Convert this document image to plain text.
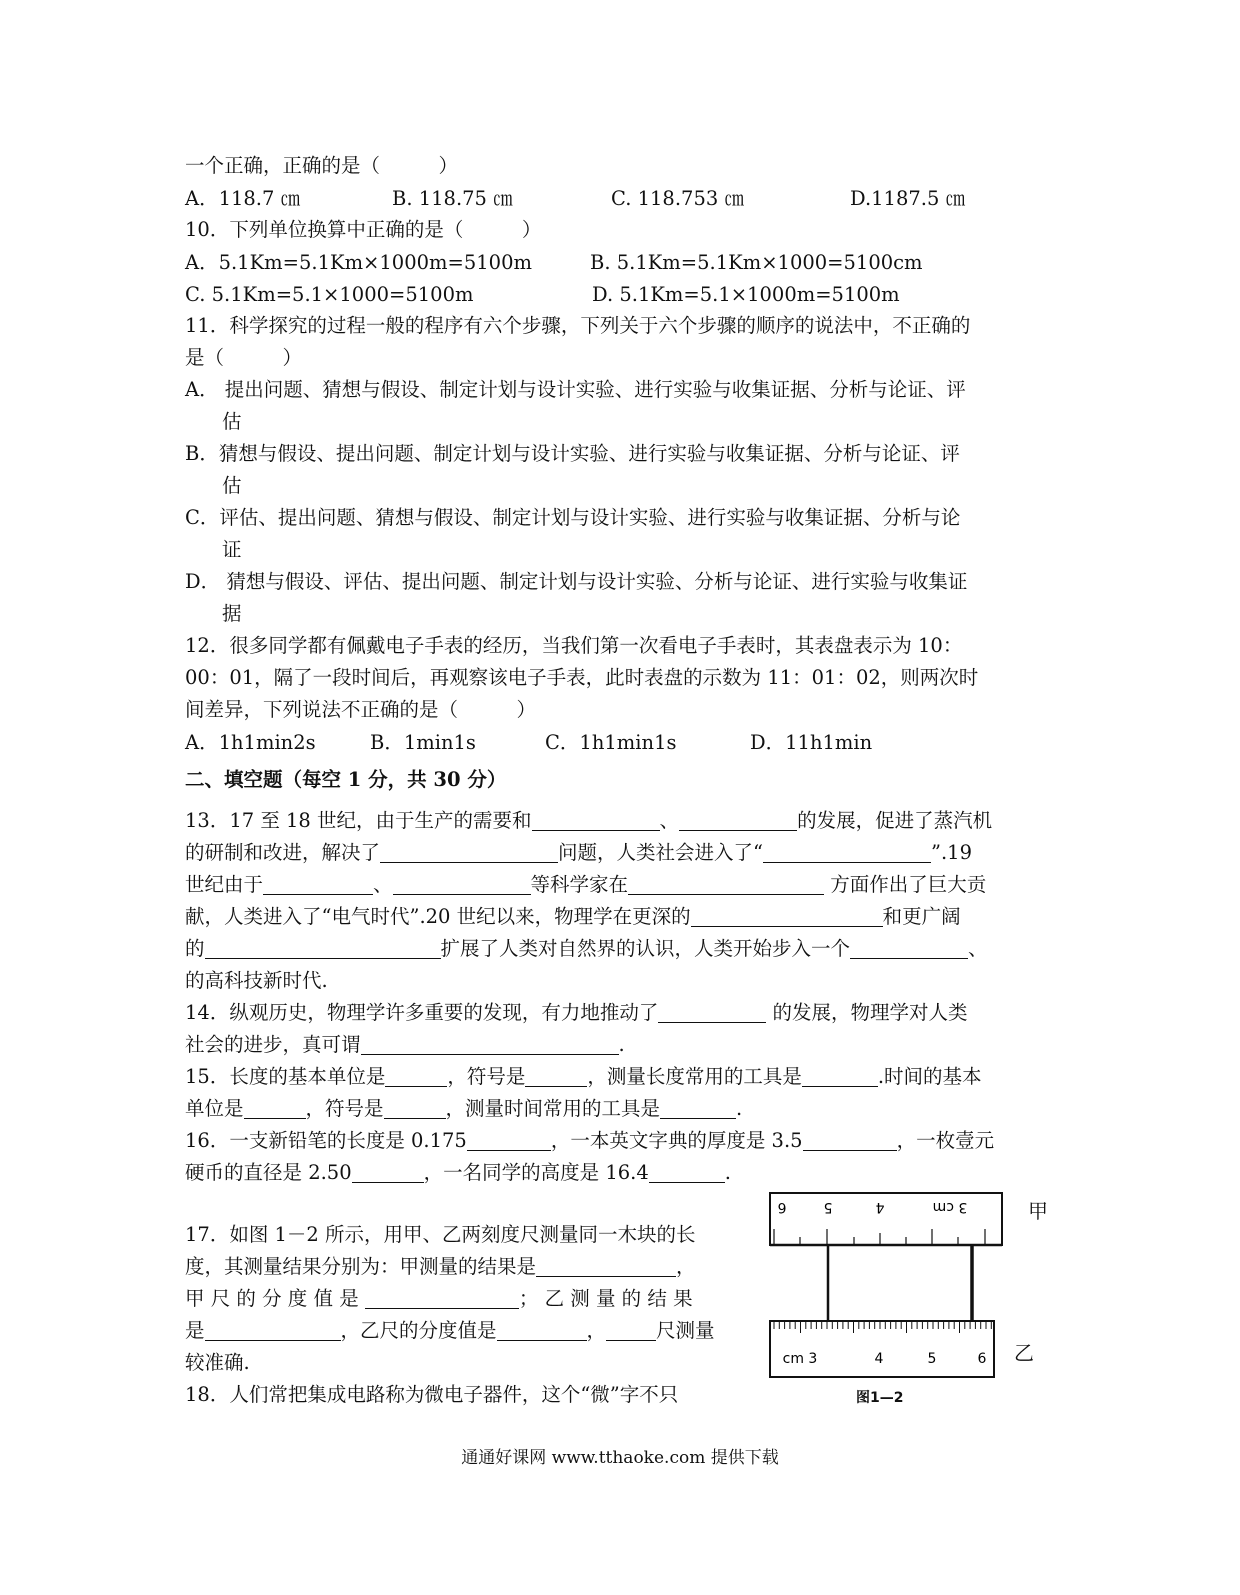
一个正确，正确的是（　　　）
A．118.7 ㎝	B. 118.75 ㎝	C. 118.753 ㎝	D.1187.5 ㎝
10．下列单位换算中正确的是（　　　）
A．5.1Km=5.1Km×1000m=5100m	B. 5.1Km=5.1Km×1000=5100cm
C. 5.1Km=5.1×1000=5100m	D. 5.1Km=5.1×1000m=5100m
11．科学探究的过程一般的程序有六个步骤，下列关于六个步骤的顺序的说法中，不正确的
是（　　　）
A． 提出问题、猜想与假设、制定计划与设计实验、进行实验与收集证据、分析与论证、评
估
B．猜想与假设、提出问题、制定计划与设计实验、进行实验与收集证据、分析与论证、评
估
C．评估、提出问题、猜想与假设、制定计划与设计实验、进行实验与收集证据、分析与论
证
D． 猜想与假设、评估、提出问题、制定计划与设计实验、分析与论证、进行实验与收集证
据
12．很多同学都有佩戴电子手表的经历，当我们第一次看电子手表时，其表盘表示为 10：
00：01，隔了一段时间后，再观察该电子手表，此时表盘的示数为 11：01：02，则两次时
间差异，下列说法不正确的是（　　　）
A．1h1min2s	B．1min1s	C．1h1min1s	D．11h1min
二、填空题（每空 1 分，共 30 分）
13．17 至 18 世纪，由于生产的需要和	、	的发展，促进了蒸汽机
的研制和改进，解决了	问题，人类社会进入了“	”.19
世纪由于	、	等科学家在	方面作出了巨大贡
献，人类进入了“电气时代”.20 世纪以来，物理学在更深的	和更广阔
的	扩展了人类对自然界的认识，人类开始步入一个	、
的高科技新时代.
14．纵观历史，物理学许多重要的发现，有力地推动了	的发展，物理学对人类
社会的进步，真可谓	.
15．长度的基本单位是	，符号是	，测量长度常用的工具是	.时间的基本
单位是	，符号是	，测量时间常用的工具是	.
16．一支新铅笔的长度是 0.175	，一本英文字典的厚度是 3.5	，一枚壹元
硬币的直径是 2.50	，一名同学的高度是 16.4	.
17．如图 1－2 所示，用甲、乙两刻度尺测量同一木块的长
度，其测量结果分别为：甲测量的结果是	，
甲 尺 的 分 度 值 是	； 乙 测 量 的 结 果
是	，乙尺的分度值是	，	尺测量
较准确.
18．人们常把集成电路称为微电子器件，这个“微”字不只
6	5	4	3 cm
cm 3	4	5	6
甲
乙
图1—2
通通好课网 www.tthaoke.com 提供下载
